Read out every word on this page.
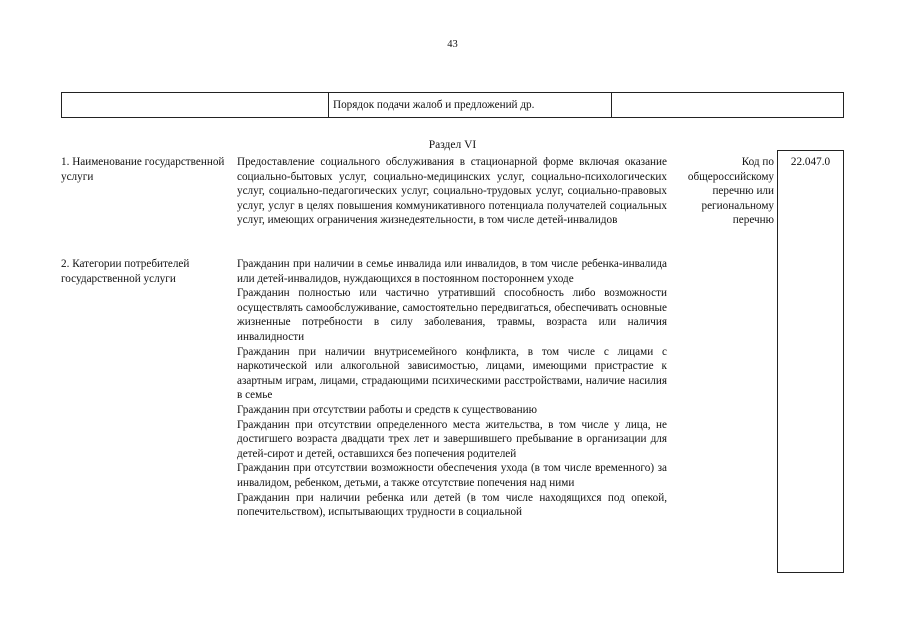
43
Порядок подачи жалоб и предложений др.
Раздел VI
1. Наименование государственной услуги

Предоставление социального обслуживания в стационарной форме включая оказание социально-бытовых услуг, социально-медицинских услуг, социально-психологических услуг, социально-педагогических услуг, социально-трудовых услуг, социально-правовых услуг, услуг в целях повышения коммуникативного потенциала получателей социальных услуг, имеющих ограничения жизнедеятельности, в том числе детей-инвалидов

Код по общероссийскому перечню или региональному перечню
22.047.0
2. Категории потребителей государственной услуги

Гражданин при наличии в семье инвалида или инвалидов, в том числе ребенка-инвалида или детей-инвалидов, нуждающихся в постоянном постороннем уходе

Гражданин полностью или частично утративший способность либо возможности осуществлять самообслуживание, самостоятельно передвигаться, обеспечивать основные жизненные потребности в силу заболевания, травмы, возраста или наличия инвалидности

Гражданин при наличии внутрисемейного конфликта, в том числе с лицами с наркотической или алкогольной зависимостью, лицами, имеющими пристрастие к азартным играм, лицами, страдающими психическими расстройствами, наличие насилия в семье

Гражданин при отсутствии работы и средств к существованию

Гражданин при отсутствии определенного места жительства, в том числе у лица, не достигшего возраста двадцати трех лет и завершившего пребывание в организации для детей-сирот и детей, оставшихся без попечения родителей

Гражданин при отсутствии возможности обеспечения ухода (в том числе временного) за инвалидом, ребенком, детьми, а также отсутствие попечения над ними

Гражданин при наличии ребенка или детей (в том числе находящихся под опекой, попечительством), испытывающих трудности в социальной
